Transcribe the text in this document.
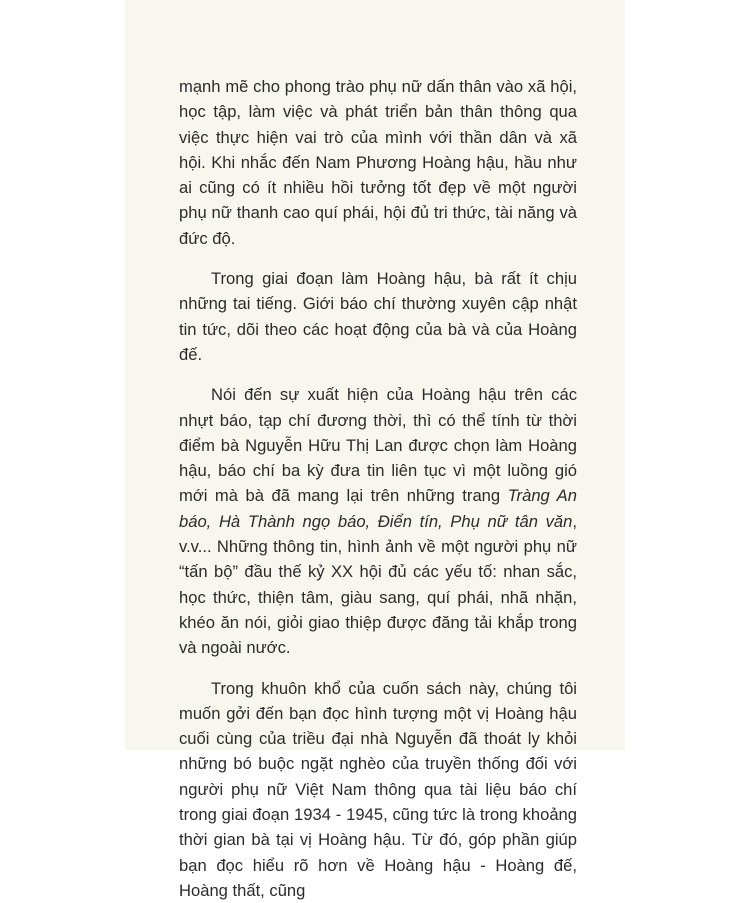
mạnh mẽ cho phong trào phụ nữ dấn thân vào xã hội, học tập, làm việc và phát triển bản thân thông qua việc thực hiện vai trò của mình với thần dân và xã hội. Khi nhắc đến Nam Phương Hoàng hậu, hầu như ai cũng có ít nhiều hồi tưởng tốt đẹp về một người phụ nữ thanh cao quí phái, hội đủ tri thức, tài năng và đức độ.

Trong giai đoạn làm Hoàng hậu, bà rất ít chịu những tai tiếng. Giới báo chí thường xuyên cập nhật tin tức, dõi theo các hoạt động của bà và của Hoàng đế.

Nói đến sự xuất hiện của Hoàng hậu trên các nhựt báo, tạp chí đương thời, thì có thể tính từ thời điểm bà Nguyễn Hữu Thị Lan được chọn làm Hoàng hậu, báo chí ba kỳ đưa tin liên tục vì một luồng gió mới mà bà đã mang lại trên những trang Tràng An báo, Hà Thành ngọ báo, Điển tín, Phụ nữ tân văn, v.v... Những thông tin, hình ảnh về một người phụ nữ “tấn bộ” đầu thế kỷ XX hội đủ các yếu tố: nhan sắc, học thức, thiện tâm, giàu sang, quí phái, nhã nhặn, khéo ăn nói, giỏi giao thiệp được đăng tải khắp trong và ngoài nước.

Trong khuôn khổ của cuốn sách này, chúng tôi muốn gởi đến bạn đọc hình tượng một vị Hoàng hậu cuối cùng của triều đại nhà Nguyễn đã thoát ly khỏi những bó buộc ngặt nghèo của truyền thống đối với người phụ nữ Việt Nam thông qua tài liệu báo chí trong giai đoạn 1934 - 1945, cũng tức là trong khoảng thời gian bà tại vị Hoàng hậu. Từ đó, góp phần giúp bạn đọc hiểu rõ hơn về Hoàng hậu - Hoàng đế, Hoàng thất, cũng
